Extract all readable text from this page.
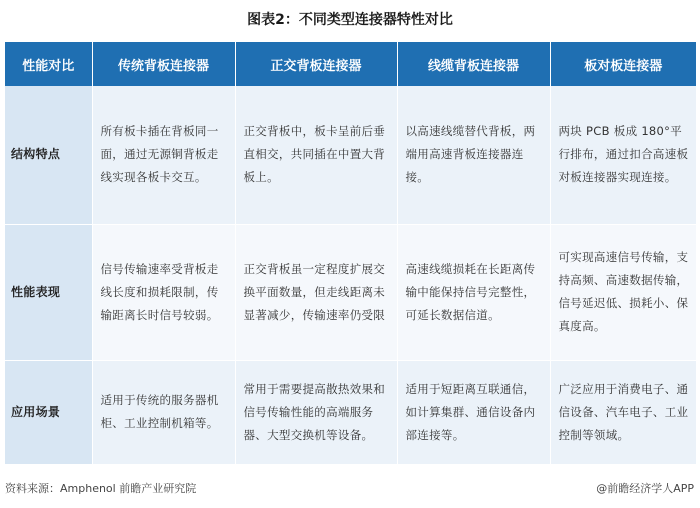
图表2：不同类型连接器特性对比
性能对比	传统背板连接器	正交背板连接器	线缆背板连接器	板对板连接器
结构特点	所有板卡插在背板同一面，通过无源铜背板走线实现各板卡交互。	正交背板中，板卡呈前后垂直相交，共同插在中置大背板上。	以高速线缆替代背板，两端用高速背板连接器连接。	两块 PCB 板成 180°平行排布，通过扣合高速板对板连接器实现连接。
性能表现	信号传输速率受背板走线长度和损耗限制，传输距离长时信号较弱。	正交背板虽一定程度扩展交换平面数量，但走线距离未显著减少，传输速率仍受限	高速线缆损耗在长距离传输中能保持信号完整性，可延长数据信道。	可实现高速信号传输，支持高频、高速数据传输，信号延迟低、损耗小、保真度高。
应用场景	适用于传统的服务器机柜、工业控制机箱等。	常用于需要提高散热效果和信号传输性能的高端服务器、大型交换机等设备。	适用于短距离互联通信，如计算集群、通信设备内部连接等。	广泛应用于消费电子、通信设备、汽车电子、工业控制等领域。
资料来源：Amphenol 前瞻产业研究院	@前瞻经济学人APP
